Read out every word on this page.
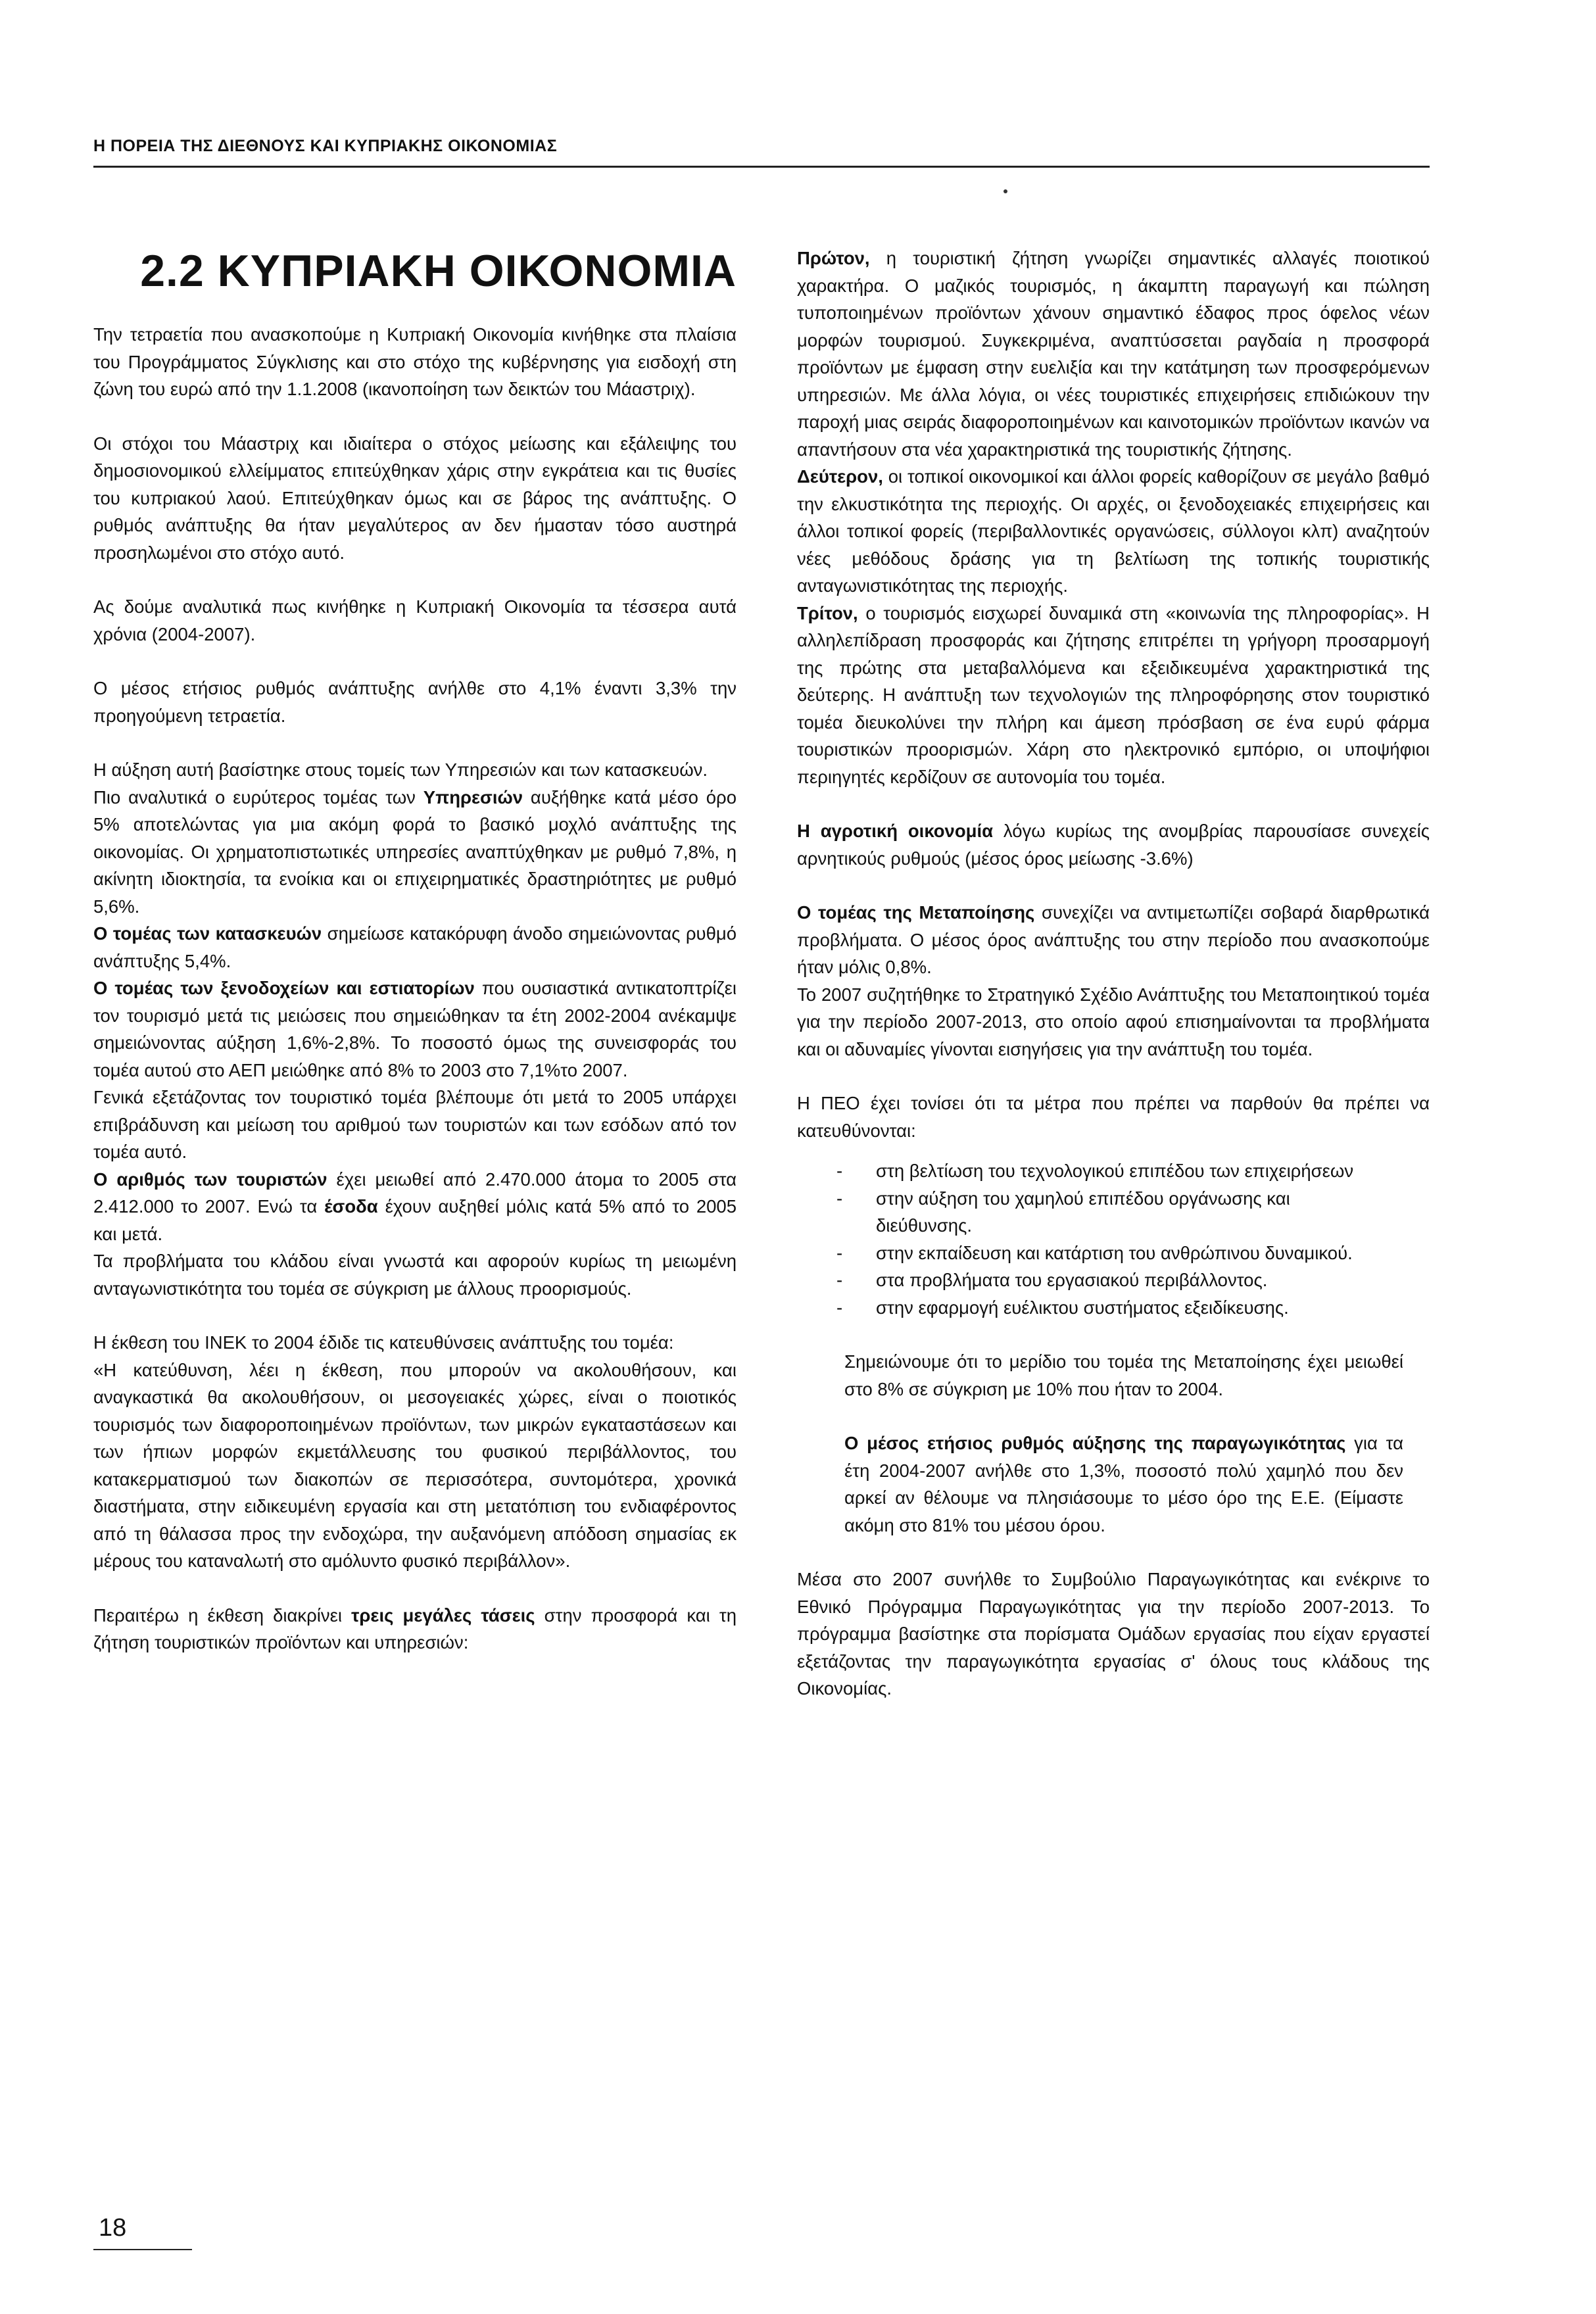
Η ΠΟΡΕΙΑ ΤΗΣ ΔΙΕΘΝΟΥΣ ΚΑΙ ΚΥΠΡΙΑΚΗΣ ΟΙΚΟΝΟΜΙΑΣ
2.2 ΚΥΠΡΙΑΚΗ ΟΙΚΟΝΟΜΙΑ

Την τετραετία που ανασκοπούμε η Κυπριακή Οικονομία κινήθηκε στα πλαίσια του Προγράμματος Σύγκλισης και στο στόχο της κυβέρνησης για εισδοχή στη ζώνη του ευρώ από την 1.1.2008 (ικανοποίηση των δεικτών του Μάαστριχ).

Οι στόχοι του Μάαστριχ και ιδιαίτερα ο στόχος μείωσης και εξάλειψης του δημοσιονομικού ελλείμματος επιτεύχθηκαν χάρις στην εγκράτεια και τις θυσίες του κυπριακού λαού. Επιτεύχθηκαν όμως και σε βάρος της ανάπτυξης. Ο ρυθμός ανάπτυξης θα ήταν μεγαλύτερος αν δεν ήμασταν τόσο αυστηρά προσηλωμένοι στο στόχο αυτό.

Ας δούμε αναλυτικά πως κινήθηκε η Κυπριακή Οικονομία τα τέσσερα αυτά χρόνια (2004-2007).

Ο μέσος ετήσιος ρυθμός ανάπτυξης ανήλθε στο 4,1% έναντι 3,3% την προηγούμενη τετραετία.

Η αύξηση αυτή βασίστηκε στους τομείς των Υπηρεσιών και των κατασκευών.

Πιο αναλυτικά ο ευρύτερος τομέας των Υπηρεσιών αυξήθηκε κατά μέσο όρο 5% αποτελώντας για μια ακόμη φορά το βασικό μοχλό ανάπτυξης της οικονομίας. Οι χρηματοπιστωτικές υπηρεσίες αναπτύχθηκαν με ρυθμό 7,8%, η ακίνητη ιδιοκτησία, τα ενοίκια και οι επιχειρηματικές δραστηριότητες με ρυθμό 5,6%.

Ο τομέας των κατασκευών σημείωσε κατακόρυφη άνοδο σημειώνοντας ρυθμό ανάπτυξης 5,4%.

Ο τομέας των ξενοδοχείων και εστιατορίων που ουσιαστικά αντικατοπτρίζει τον τουρισμό μετά τις μειώσεις που σημειώθηκαν τα έτη 2002-2004 ανέκαμψε σημειώνοντας αύξηση 1,6%-2,8%. Το ποσοστό όμως της συνεισφοράς του τομέα αυτού στο ΑΕΠ μειώθηκε από 8% το 2003 στο 7,1%το 2007.

Γενικά εξετάζοντας τον τουριστικό τομέα βλέπουμε ότι μετά το 2005 υπάρχει επιβράδυνση και μείωση του αριθμού των τουριστών και των εσόδων από τον τομέα αυτό.

Ο αριθμός των τουριστών έχει μειωθεί από 2.470.000 άτομα το 2005 στα 2.412.000 το 2007. Ενώ τα έσοδα έχουν αυξηθεί μόλις κατά 5% από το 2005 και μετά.

Τα προβλήματα του κλάδου είναι γνωστά και αφορούν κυρίως τη μειωμένη ανταγωνιστικότητα του τομέα σε σύγκριση με άλλους προορισμούς.

Η έκθεση του ΙΝΕΚ το 2004 έδιδε τις κατευθύνσεις ανάπτυξης του τομέα:

«Η κατεύθυνση, λέει η έκθεση, που μπορούν να ακολουθήσουν, και αναγκαστικά θα ακολουθήσουν, οι μεσογειακές χώρες, είναι ο ποιοτικός τουρισμός των διαφοροποιημένων προϊόντων, των μικρών εγκαταστάσεων και των ήπιων μορφών εκμετάλλευσης του φυσικού περιβάλλοντος, του κατακερματισμού των διακοπών σε περισσότερα, συντομότερα, χρονικά διαστήματα, στην ειδικευμένη εργασία και στη μετατόπιση του ενδιαφέροντος από τη θάλασσα προς την ενδοχώρα, την αυξανόμενη απόδοση σημασίας εκ μέρους του καταναλωτή στο αμόλυντο φυσικό περιβάλλον».

Περαιτέρω η έκθεση διακρίνει τρεις μεγάλες τάσεις στην προσφορά και τη ζήτηση τουριστικών προϊόντων και υπηρεσιών:

Πρώτον, η τουριστική ζήτηση γνωρίζει σημαντικές αλλαγές ποιοτικού χαρακτήρα. Ο μαζικός τουρισμός, η άκαμπτη παραγωγή και πώληση τυποποιημένων προϊόντων χάνουν σημαντικό έδαφος προς όφελος νέων μορφών τουρισμού. Συγκεκριμένα, αναπτύσσεται ραγδαία η προσφορά προϊόντων με έμφαση στην ευελιξία και την κατάτμηση των προσφερόμενων υπηρεσιών. Με άλλα λόγια, οι νέες τουριστικές επιχειρήσεις επιδιώκουν την παροχή μιας σειράς διαφοροποιημένων και καινοτομικών προϊόντων ικανών να απαντήσουν στα νέα χαρακτηριστικά της τουριστικής ζήτησης.

Δεύτερον, οι τοπικοί οικονομικοί και άλλοι φορείς καθορίζουν σε μεγάλο βαθμό την ελκυστικότητα της περιοχής. Οι αρχές, οι ξενοδοχειακές επιχειρήσεις και άλλοι τοπικοί φορείς (περιβαλλοντικές οργανώσεις, σύλλογοι κλπ) αναζητούν νέες μεθόδους δράσης για τη βελτίωση της τοπικής τουριστικής ανταγωνιστικότητας της περιοχής.

Τρίτον, ο τουρισμός εισχωρεί δυναμικά στη «κοινωνία της πληροφορίας». Η αλληλεπίδραση προσφοράς και ζήτησης επιτρέπει τη γρήγορη προσαρμογή της πρώτης στα μεταβαλλόμενα και εξειδικευμένα χαρακτηριστικά της δεύτερης. Η ανάπτυξη των τεχνολογιών της πληροφόρησης στον τουριστικό τομέα διευκολύνει την πλήρη και άμεση πρόσβαση σε ένα ευρύ φάρμα τουριστικών προορισμών. Χάρη στο ηλεκτρονικό εμπόριο, οι υποψήφιοι περιηγητές κερδίζουν σε αυτονομία του τομέα.

Η αγροτική οικονομία λόγω κυρίως της ανομβρίας παρουσίασε συνεχείς αρνητικούς ρυθμούς (μέσος όρος μείωσης -3.6%)

Ο τομέας της Μεταποίησης συνεχίζει να αντιμετωπίζει σοβαρά διαρθρωτικά προβλήματα. Ο μέσος όρος ανάπτυξης του στην περίοδο που ανασκοπούμε ήταν μόλις 0,8%.

Το 2007 συζητήθηκε το Στρατηγικό Σχέδιο Ανάπτυξης του Μεταποιητικού τομέα για την περίοδο 2007-2013, στο οποίο αφού επισημαίνονται τα προβλήματα και οι αδυναμίες γίνονται εισηγήσεις για την ανάπτυξη του τομέα.

Η ΠΕΟ έχει τονίσει ότι τα μέτρα που πρέπει να παρθούν θα πρέπει να κατευθύνονται:

- στη βελτίωση του τεχνολογικού επιπέδου των επιχειρήσεων
- στην αύξηση του χαμηλού επιπέδου οργάνωσης και διεύθυνσης.
- στην εκπαίδευση και κατάρτιση του ανθρώπινου δυναμικού.
- στα προβλήματα του εργασιακού περιβάλλοντος.
- στην εφαρμογή ευέλικτου συστήματος εξειδίκευσης.

Σημειώνουμε ότι το μερίδιο του τομέα της Μεταποίησης έχει μειωθεί στο 8% σε σύγκριση με 10% που ήταν το 2004.

Ο μέσος ετήσιος ρυθμός αύξησης της παραγωγικότητας για τα έτη 2004-2007 ανήλθε στο 1,3%, ποσοστό πολύ χαμηλό που δεν αρκεί αν θέλουμε να πλησιάσουμε το μέσο όρο της Ε.Ε. (Είμαστε ακόμη στο 81% του μέσου όρου.

Μέσα στο 2007 συνήλθε το Συμβούλιο Παραγωγικότητας και ενέκρινε το Εθνικό Πρόγραμμα Παραγωγικότητας για την περίοδο 2007-2013. Το πρόγραμμα βασίστηκε στα πορίσματα Ομάδων εργασίας που είχαν εργαστεί εξετάζοντας την παραγωγικότητα εργασίας σ' όλους τους κλάδους της Οικονομίας.

18
